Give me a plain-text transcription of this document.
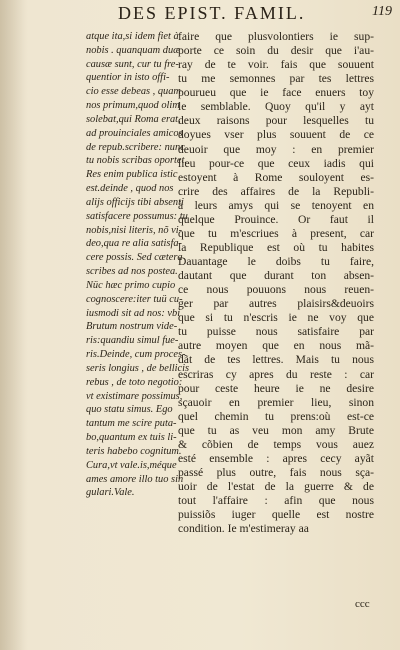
DES EPIST. FAMIL.	119
atque ita,si idem fiet à
nobis . quanquam duæ
causæ sunt, cur tu fre-
quentior in isto offi-
cio esse debeas , quam
nos primum,quod olim
solebat,qui Roma erat,
ad prouinciales amicos
de repub.scribere: nunc
tu nobis scribas oportet.
Res enim publica istic
est.deinde , quod nos
alijs officijs tibi absenti
satisfacere possumus: tu
nobis,nisi literis, nõ vi-
deo,qua re alia satisfa-
cere possis. Sed cætera
scribes ad nos postea.
Nüc hæc primo cupio
cognoscere:iter tuü cu-
iusmodi sit ad nos: vbi
Brutum nostrum vide-
ris:quandiu simul fue-
ris.Deinde, cum proces-
seris longius , de bellicis
rebus , de toto negotio:
vt existimare possimus,
quo statu simus. Ego
tantum me scire puta-
bo,quantum ex tuis li-
teris habebo cognitum.
Cura,vt vale.is,méque
ames amore illo tuo sin
gulari.Vale.
faire que plusvolontiers ie sup-
porte ce soin du desir que i'au-
ray de te voir. fais que souuent
tu me semonnes par tes lettres
pourueu que ie face enuers toy
le semblable. Quoy qu'il y ayt
deux raisons pour lesquelles tu
doyues vser plus souuent de ce
deuoir que moy : en premier
lieu pour-ce que ceux iadis qui
estoyent à Rome souloyent es-
crire des affaires de la Republi-
à leurs amys qui se tenoyent en
quelque Prouince. Or faut il
que tu m'escriues à present, car
la Republique est où tu habites
Dauantage le doibs tu faire,
dautant que durant ton absen-
ce nous pouuons nous reuen-
ger par autres plaisirs&deuoirs
que si tu n'escris ie ne voy que
tu puisse nous satisfaire par
autre moyen que en nous mã-
dãt de tes lettres. Mais tu nous
escriras cy apres du reste : car
pour ceste heure ie ne desire
sçauoir en premier lieu, sinon
quel chemin tu prens:où est-ce
que tu as veu mon amy Brute
& cõbien de temps vous auez
esté ensemble : apres cecy ayãt
passé plus outre, fais nous sça-
uoir de l'estat de la guerre & de
tout l'affaire : afin que nous
puissiõs iuger quelle est nostre
condition. Ie m'estimeray aa
ccc
